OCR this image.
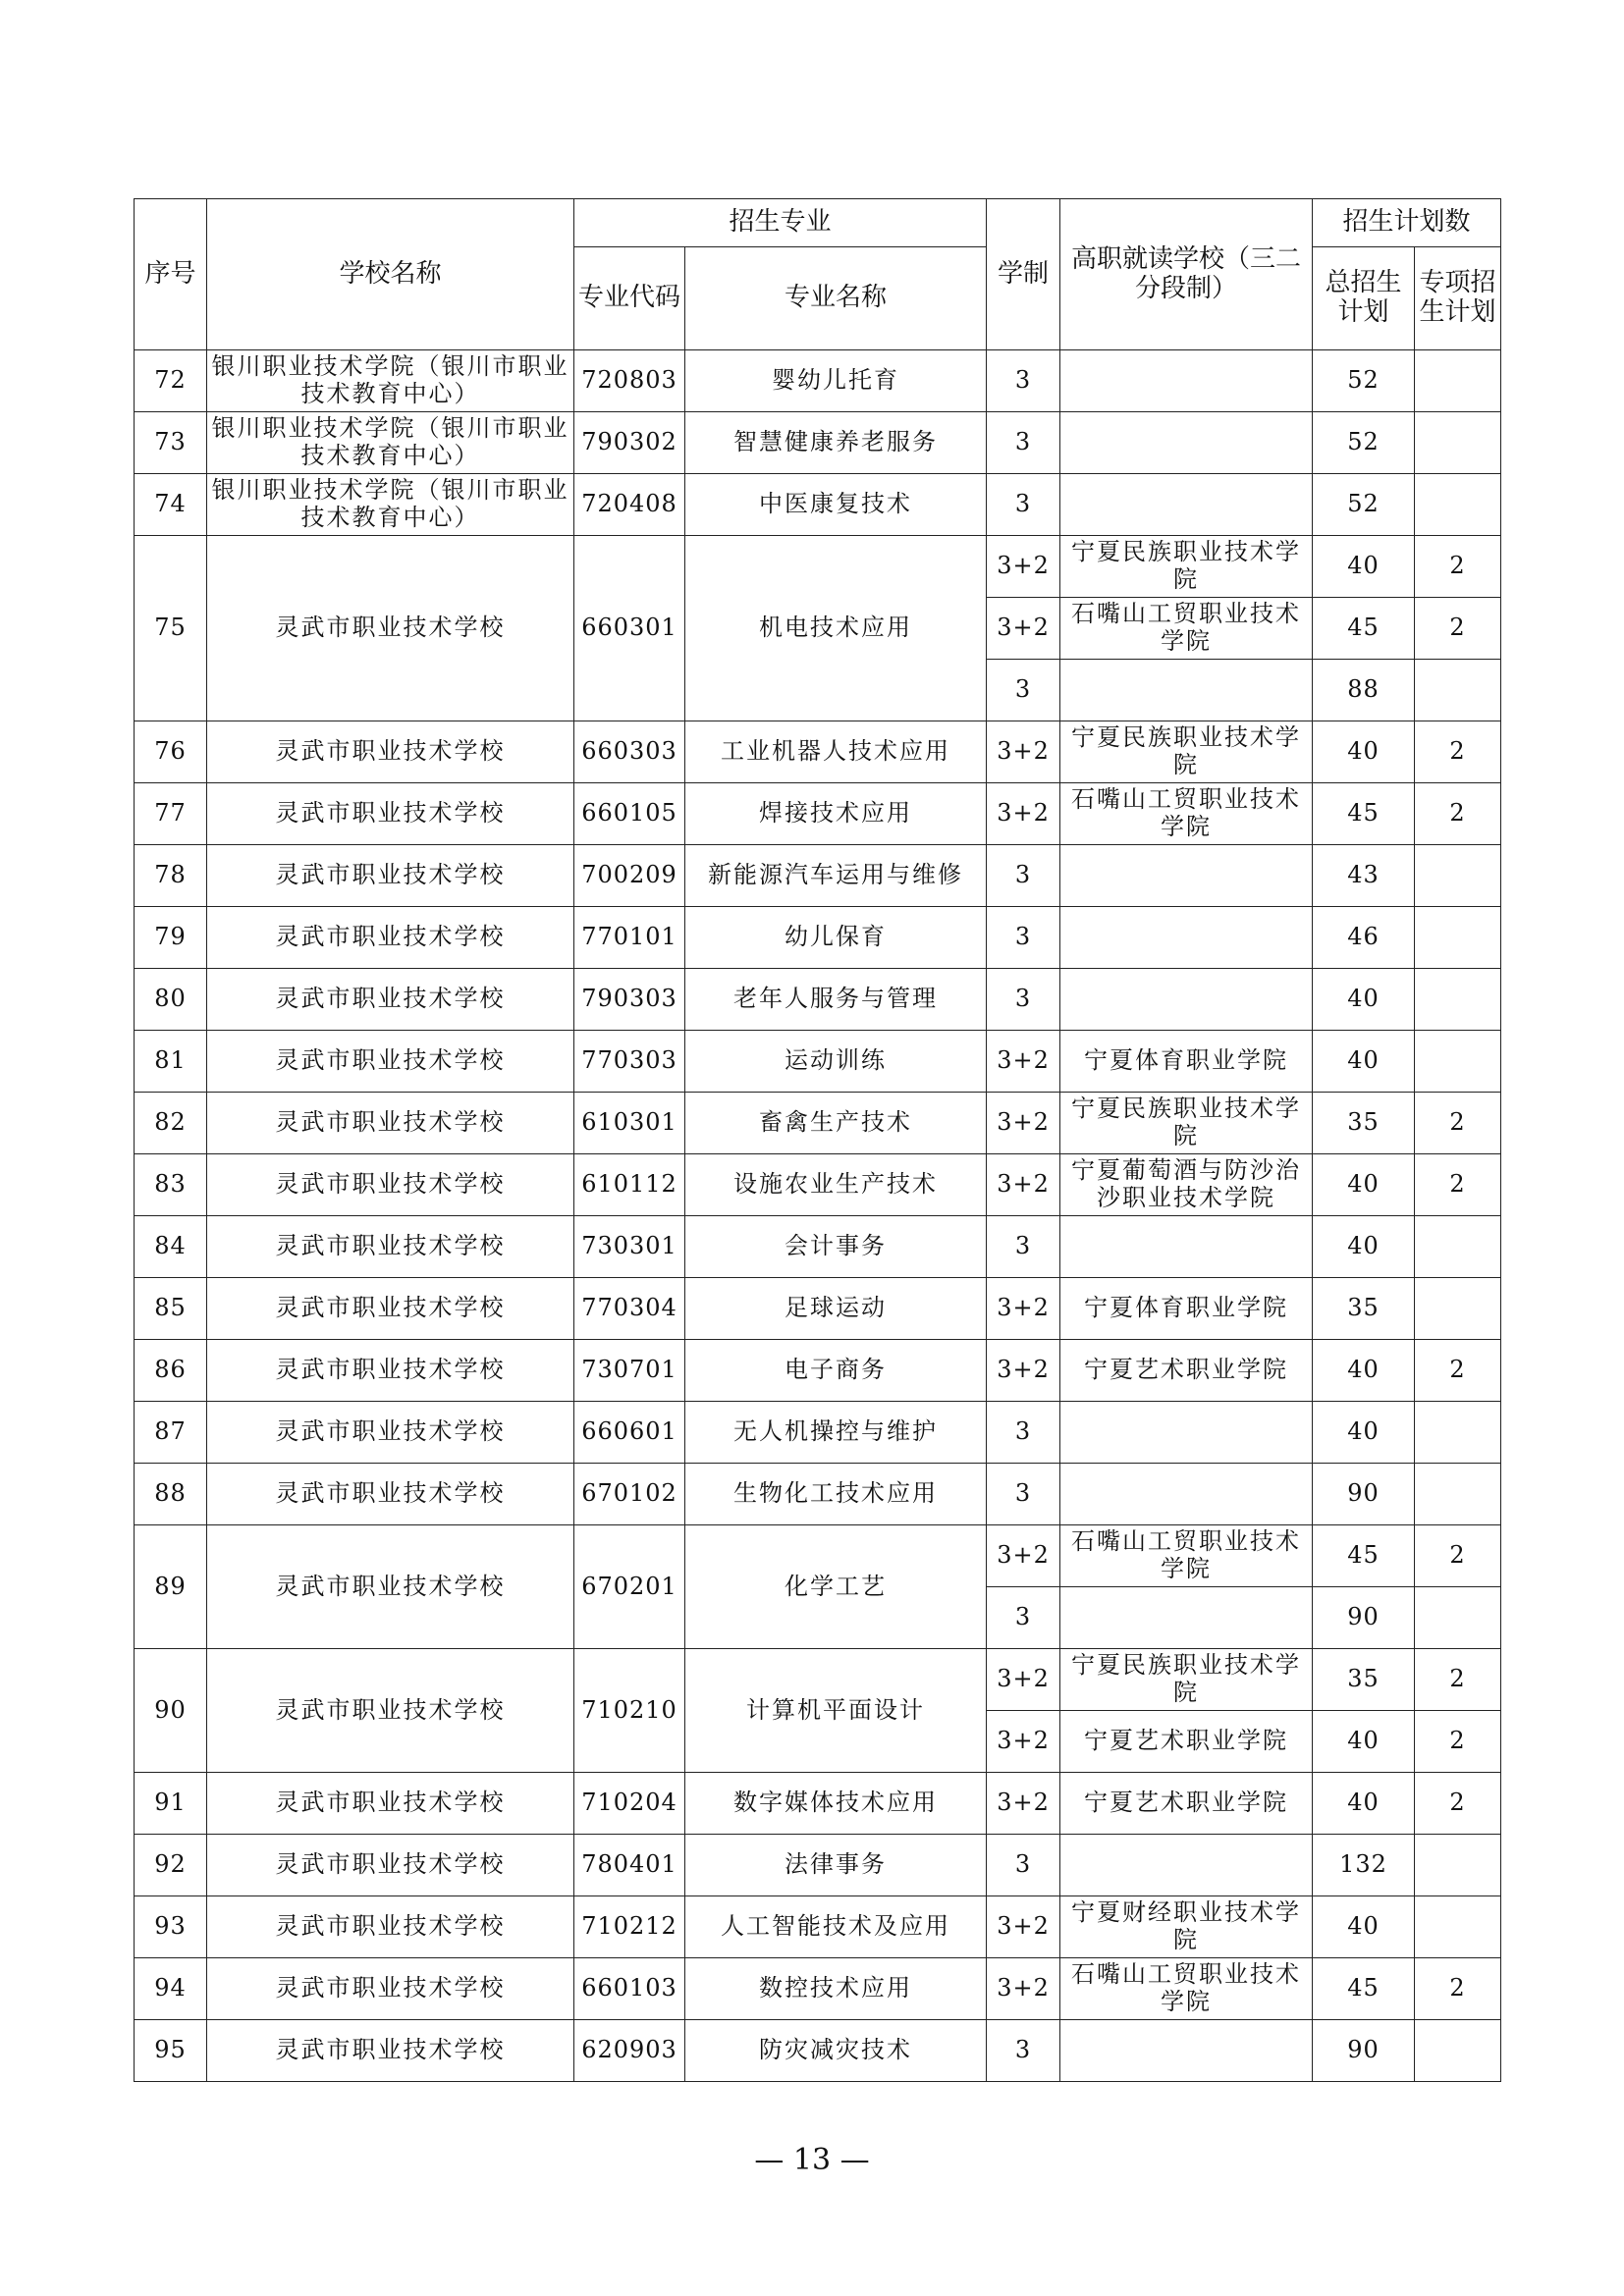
序号	学校名称	招生专业		学制	高职就读学校（三二分段制）	招生计划数	
		专业代码	专业名称			总招生计划	专项招生计划
72	银川职业技术学院（银川市职业技术教育中心）	720803	婴幼儿托育	3		52	
73	银川职业技术学院（银川市职业技术教育中心）	790302	智慧健康养老服务	3		52	
74	银川职业技术学院（银川市职业技术教育中心）	720408	中医康复技术	3		52	
75	灵武市职业技术学校	660301	机电技术应用	3+2	宁夏民族职业技术学院	40	2
				3+2	石嘴山工贸职业技术学院	45	2
				3		88	
76	灵武市职业技术学校	660303	工业机器人技术应用	3+2	宁夏民族职业技术学院	40	2
77	灵武市职业技术学校	660105	焊接技术应用	3+2	石嘴山工贸职业技术学院	45	2
78	灵武市职业技术学校	700209	新能源汽车运用与维修	3		43	
79	灵武市职业技术学校	770101	幼儿保育	3		46	
80	灵武市职业技术学校	790303	老年人服务与管理	3		40	
81	灵武市职业技术学校	770303	运动训练	3+2	宁夏体育职业学院	40	
82	灵武市职业技术学校	610301	畜禽生产技术	3+2	宁夏民族职业技术学院	35	2
83	灵武市职业技术学校	610112	设施农业生产技术	3+2	宁夏葡萄酒与防沙治沙职业技术学院	40	2
84	灵武市职业技术学校	730301	会计事务	3		40	
85	灵武市职业技术学校	770304	足球运动	3+2	宁夏体育职业学院	35	
86	灵武市职业技术学校	730701	电子商务	3+2	宁夏艺术职业学院	40	2
87	灵武市职业技术学校	660601	无人机操控与维护	3		40	
88	灵武市职业技术学校	670102	生物化工技术应用	3		90	
89	灵武市职业技术学校	670201	化学工艺	3+2	石嘴山工贸职业技术学院	45	2
				3		90	
90	灵武市职业技术学校	710210	计算机平面设计	3+2	宁夏民族职业技术学院	35	2
				3+2	宁夏艺术职业学院	40	2
91	灵武市职业技术学校	710204	数字媒体技术应用	3+2	宁夏艺术职业学院	40	2
92	灵武市职业技术学校	780401	法律事务	3		132	
93	灵武市职业技术学校	710212	人工智能技术及应用	3+2	宁夏财经职业技术学院	40	
94	灵武市职业技术学校	660103	数控技术应用	3+2	石嘴山工贸职业技术学院	45	2
95	灵武市职业技术学校	620903	防灾减灾技术	3		90	
— 13 —
